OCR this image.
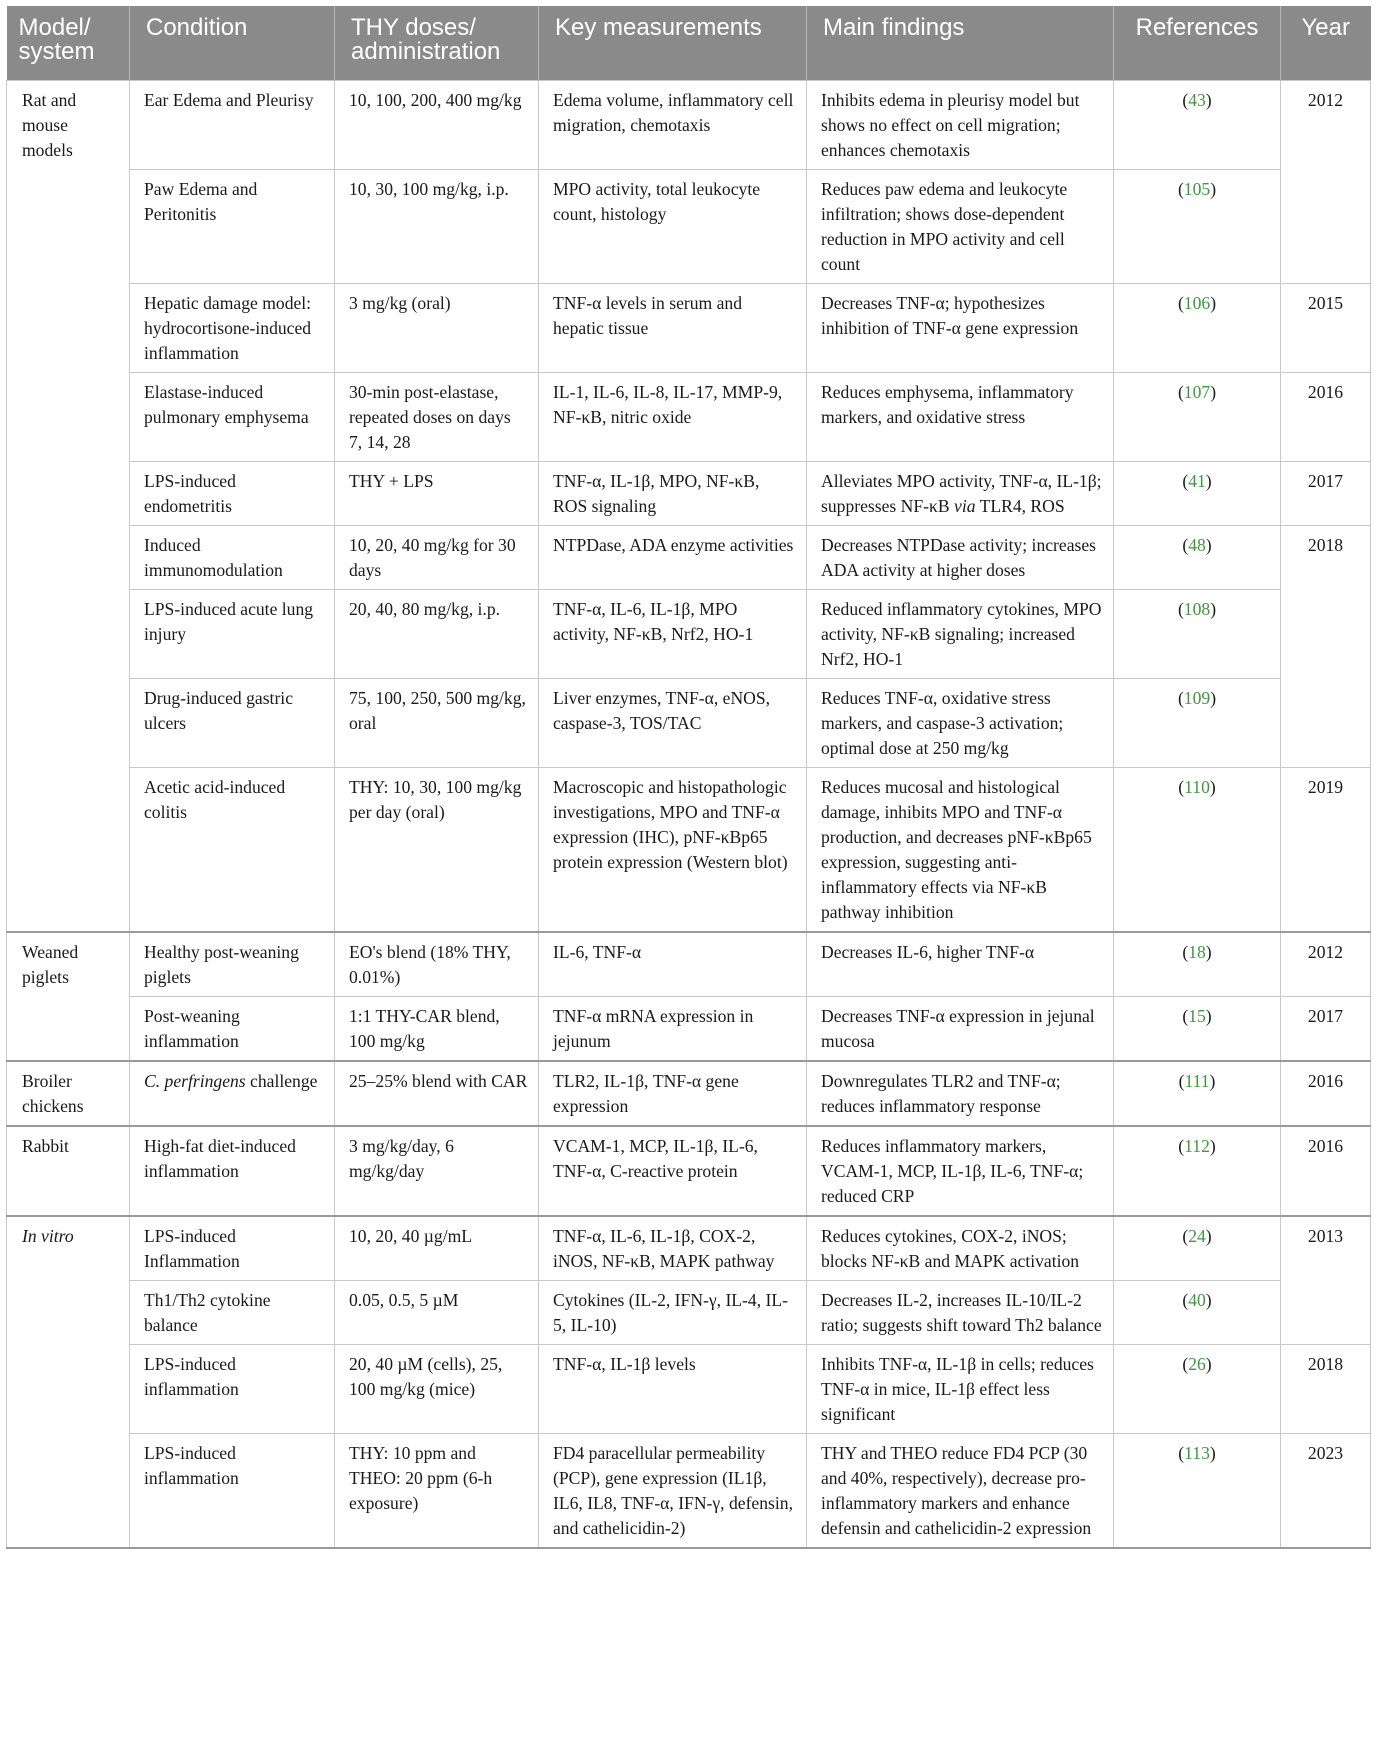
Model/ system	Condition	THY doses/ administration	Key measurements	Main findings	References	Year
Rat and mouse models	Ear Edema and Pleurisy	10, 100, 200, 400 mg/kg	Edema volume, inflammatory cell migration, chemotaxis	Inhibits edema in pleurisy model but shows no effect on cell migration; enhances chemotaxis	(43)	2012
	Paw Edema and Peritonitis	10, 30, 100 mg/kg, i.p.	MPO activity, total leukocyte count, histology	Reduces paw edema and leukocyte infiltration; shows dose-dependent reduction in MPO activity and cell count	(105)	
	Hepatic damage model: hydrocortisone-induced inflammation	3 mg/kg (oral)	TNF-α levels in serum and hepatic tissue	Decreases TNF-α; hypothesizes inhibition of TNF-α gene expression	(106)	2015
	Elastase-induced pulmonary emphysema	30-min post-elastase, repeated doses on days 7, 14, 28	IL-1, IL-6, IL-8, IL-17, MMP-9, NF-κB, nitric oxide	Reduces emphysema, inflammatory markers, and oxidative stress	(107)	2016
	LPS-induced endometritis	THY + LPS	TNF-α, IL-1β, MPO, NF-κB, ROS signaling	Alleviates MPO activity, TNF-α, IL-1β; suppresses NF-κB via TLR4, ROS	(41)	2017
	Induced immunomodulation	10, 20, 40 mg/kg for 30 days	NTPDase, ADA enzyme activities	Decreases NTPDase activity; increases ADA activity at higher doses	(48)	2018
	LPS-induced acute lung injury	20, 40, 80 mg/kg, i.p.	TNF-α, IL-6, IL-1β, MPO activity, NF-κB, Nrf2, HO-1	Reduced inflammatory cytokines, MPO activity, NF-κB signaling; increased Nrf2, HO-1	(108)	
	Drug-induced gastric ulcers	75, 100, 250, 500 mg/kg, oral	Liver enzymes, TNF-α, eNOS, caspase-3, TOS/TAC	Reduces TNF-α, oxidative stress markers, and caspase-3 activation; optimal dose at 250 mg/kg	(109)	
	Acetic acid-induced colitis	THY: 10, 30, 100 mg/kg per day (oral)	Macroscopic and histopathologic investigations, MPO and TNF-α expression (IHC), pNF-κBp65 protein expression (Western blot)	Reduces mucosal and histological damage, inhibits MPO and TNF-α production, and decreases pNF-κBp65 expression, suggesting anti-inflammatory effects via NF-κB pathway inhibition	(110)	2019
Weaned piglets	Healthy post-weaning piglets	EO's blend (18% THY, 0.01%)	IL-6, TNF-α	Decreases IL-6, higher TNF-α	(18)	2012
	Post-weaning inflammation	1:1 THY-CAR blend, 100 mg/kg	TNF-α mRNA expression in jejunum	Decreases TNF-α expression in jejunal mucosa	(15)	2017
Broiler chickens	C. perfringens challenge	25–25% blend with CAR	TLR2, IL-1β, TNF-α gene expression	Downregulates TLR2 and TNF-α; reduces inflammatory response	(111)	2016
Rabbit	High-fat diet-induced inflammation	3 mg/kg/day, 6 mg/kg/day	VCAM-1, MCP, IL-1β, IL-6, TNF-α, C-reactive protein	Reduces inflammatory markers, VCAM-1, MCP, IL-1β, IL-6, TNF-α; reduced CRP	(112)	2016
In vitro	LPS-induced Inflammation	10, 20, 40 µg/mL	TNF-α, IL-6, IL-1β, COX-2, iNOS, NF-κB, MAPK pathway	Reduces cytokines, COX-2, iNOS; blocks NF-κB and MAPK activation	(24)	2013
	Th1/Th2 cytokine balance	0.05, 0.5, 5 µM	Cytokines (IL-2, IFN-γ, IL-4, IL-5, IL-10)	Decreases IL-2, increases IL-10/IL-2 ratio; suggests shift toward Th2 balance	(40)	
	LPS-induced inflammation	20, 40 µM (cells), 25, 100 mg/kg (mice)	TNF-α, IL-1β levels	Inhibits TNF-α, IL-1β in cells; reduces TNF-α in mice, IL-1β effect less significant	(26)	2018
	LPS-induced inflammation	THY: 10 ppm and THEO: 20 ppm (6-h exposure)	FD4 paracellular permeability (PCP), gene expression (IL1β, IL6, IL8, TNF-α, IFN-γ, defensin, and cathelicidin-2)	THY and THEO reduce FD4 PCP (30 and 40%, respectively), decrease pro-inflammatory markers and enhance defensin and cathelicidin-2 expression	(113)	2023
